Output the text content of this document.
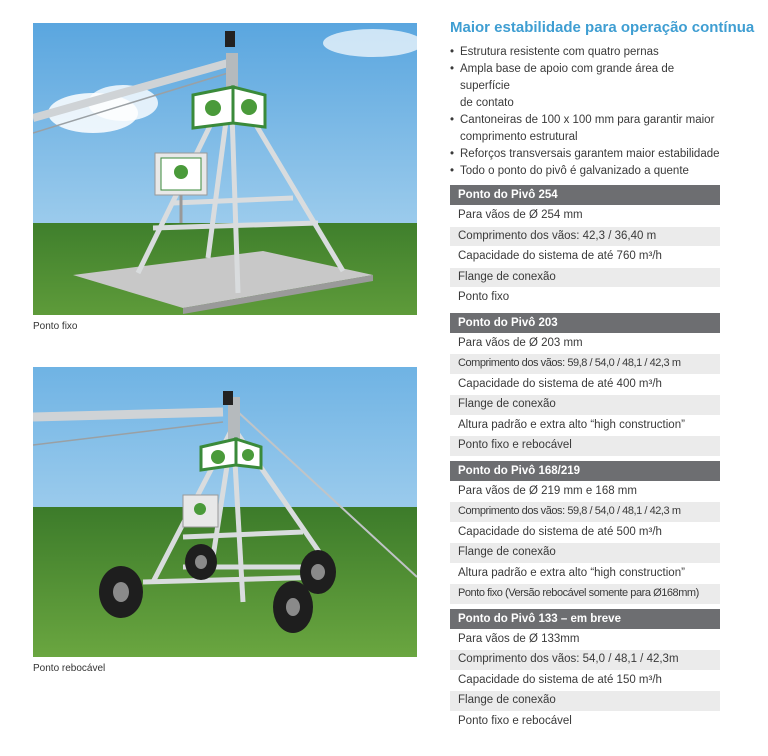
Ponto fixo
Ponto rebocável
Maior estabilidade para operação contínua
• Estrutura resistente com quatro pernas
• Ampla base de apoio com grande área de superfície
de contato
• Cantoneiras de 100 x 100 mm para garantir maior
comprimento estrutural
• Reforços transversais garantem maior estabilidade
• Todo o ponto do pivô é galvanizado a quente
Ponto do Pivô 254
Para vãos de Ø 254 mm
Comprimento dos vãos: 42,3 / 36,40 m
Capacidade do sistema de até 760 m³/h
Flange de conexão
Ponto fixo
Ponto do Pivô 203
Para vãos de Ø 203 mm
Comprimento dos vãos: 59,8 / 54,0 / 48,1 / 42,3 m
Capacidade do sistema de até 400 m³/h
Flange de conexão
Altura padrão e extra alto “high construction”
Ponto fixo e rebocável
Ponto do Pivô 168/219
Para vãos de Ø 219 mm e 168 mm
Comprimento dos vãos: 59,8 / 54,0 / 48,1 / 42,3 m
Capacidade do sistema de até 500 m³/h
Flange de conexão
Altura padrão e extra alto “high construction”
Ponto fixo (Versão rebocável somente para Ø168mm)
Ponto do Pivô 133 – em breve
Para vãos de Ø 133mm
Comprimento dos vãos: 54,0 / 48,1 / 42,3m
Capacidade do sistema de até 150 m³/h
Flange de conexão
Ponto fixo e rebocável
